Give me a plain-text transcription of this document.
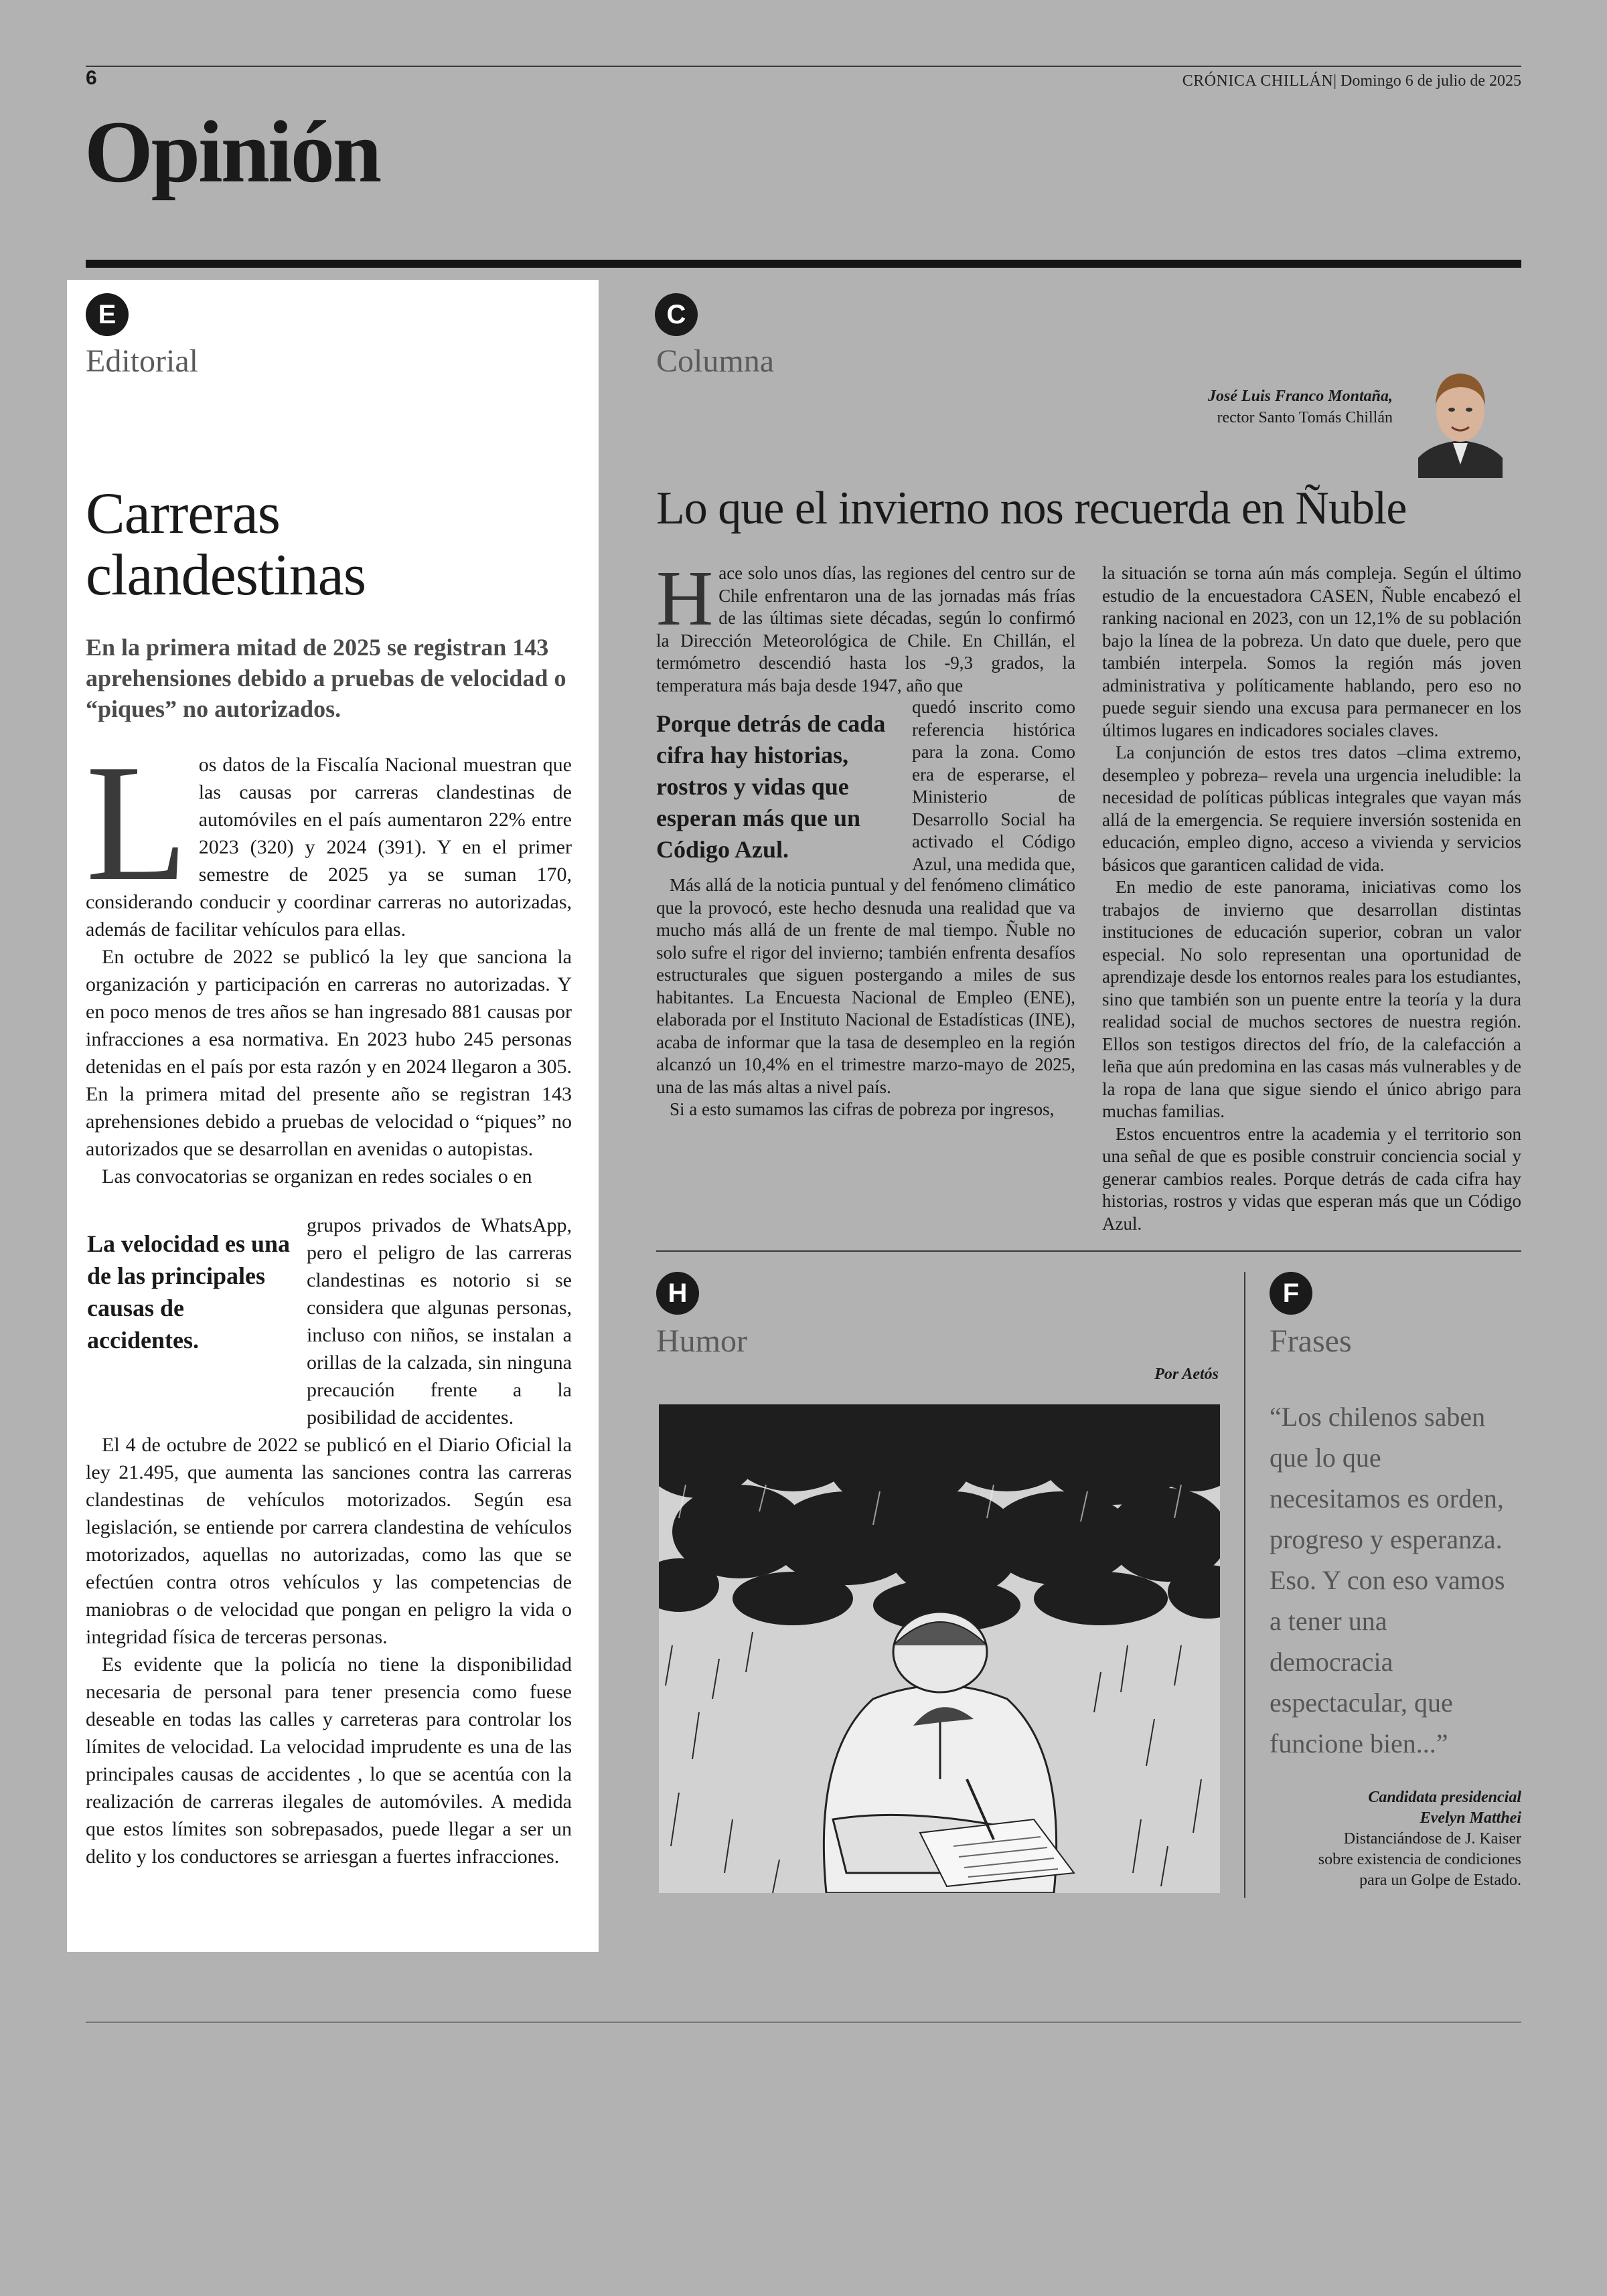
6	CRÓNICA CHILLÁN| Domingo 6 de julio de 2025
Opinión
E
Editorial
Carreras
clandestinas
En la primera mitad de 2025 se registran 143 aprehensiones debido a pruebas de velocidad o “piques” no autorizados.
L os datos de la Fiscalía Nacional muestran que las causas por carreras clandestinas de automóviles en el país aumentaron 22% entre 2023 (320) y 2024 (391). Y en el primer semestre de 2025 ya se suman 170, considerando conducir y coordinar carreras no autorizadas, además de facilitar vehículos para ellas.

En octubre de 2022 se publicó la ley que sanciona la organización y participación en carreras no autorizadas. Y en poco menos de tres años se han ingresado 881 causas por infracciones a esa normativa. En 2023 hubo 245 personas detenidas en el país por esta razón y en 2024 llegaron a 305. En la primera mitad del presente año se registran 143 aprehensiones debido a pruebas de velocidad o “piques” no autorizados que se desarrollan en avenidas o autopistas.

Las convocatorias se organizan en redes sociales o en

La velocidad es una de las principales causas de accidentes.

grupos privados de WhatsApp, pero el peligro de las carreras clandestinas es notorio si se considera que algunas personas, incluso con niños, se instalan a orillas de la calzada, sin ninguna precaución frente a la posibilidad de accidentes.

El 4 de octubre de 2022 se publicó en el Diario Oficial la ley 21.495, que aumenta las sanciones contra las carreras clandestinas de vehículos motorizados. Según esa legislación, se entiende por carrera clandestina de vehículos motorizados, aquellas no autorizadas, como las que se efectúen contra otros vehículos y las competencias de maniobras o de velocidad que pongan en peligro la vida o integridad física de terceras personas.

Es evidente que la policía no tiene la disponibilidad necesaria de personal para tener presencia como fuese deseable en todas las calles y carreteras para controlar los límites de velocidad. La velocidad imprudente es una de las principales causas de accidentes , lo que se acentúa con la realización de carreras ilegales de automóviles. A medida que estos límites son sobrepasados, puede llegar a ser un delito y los conductores se arriesgan a fuertes infracciones.

C
Columna
José Luis Franco Montaña,
rector Santo Tomás Chillán
Lo que el invierno nos recuerda en Ñuble
H ace solo unos días, las regiones del centro sur de Chile enfrentaron una de las jornadas más frías de las últimas siete décadas, según lo confirmó la Dirección Meteorológica de Chile. En Chillán, el termómetro descendió hasta los -9,3 grados, la temperatura más baja desde 1947, año que

Porque detrás de cada cifra hay historias, rostros y vidas que esperan más que un Código Azul.

quedó inscrito como referencia histórica para la zona. Como era de esperarse, el Ministerio de Desarrollo Social ha activado el Código Azul, una medida que,

Más allá de la noticia puntual y del fenómeno climático que la provocó, este hecho desnuda una realidad que va mucho más allá de un frente de mal tiempo. Ñuble no solo sufre el rigor del invierno; también enfrenta desafíos estructurales que siguen postergando a miles de sus habitantes. La Encuesta Nacional de Empleo (ENE), elaborada por el Instituto Nacional de Estadísticas (INE), acaba de informar que la tasa de desempleo en la región alcanzó un 10,4% en el trimestre marzo-mayo de 2025, una de las más altas a nivel país.

Si a esto sumamos las cifras de pobreza por ingresos,

la situación se torna aún más compleja. Según el último estudio de la encuestadora CASEN, Ñuble encabezó el ranking nacional en 2023, con un 12,1% de su población bajo la línea de la pobreza. Un dato que duele, pero que también interpela. Somos la región más joven administrativa y políticamente hablando, pero eso no puede seguir siendo una excusa para permanecer en los últimos lugares en indicadores sociales claves.

La conjunción de estos tres datos –clima extremo, desempleo y pobreza– revela una urgencia ineludible: la necesidad de políticas públicas integrales que vayan más allá de la emergencia. Se requiere inversión sostenida en educación, empleo digno, acceso a vivienda y servicios básicos que garanticen calidad de vida.

En medio de este panorama, iniciativas como los trabajos de invierno que desarrollan distintas instituciones de educación superior, cobran un valor especial. No solo representan una oportunidad de aprendizaje desde los entornos reales para los estudiantes, sino que también son un puente entre la teoría y la dura realidad social de muchos sectores de nuestra región. Ellos son testigos directos del frío, de la calefacción a leña que aún predomina en las casas más vulnerables y de la ropa de lana que sigue siendo el único abrigo para muchas familias.

Estos encuentros entre la academia y el territorio son una señal de que es posible construir conciencia social y generar cambios reales. Porque detrás de cada cifra hay historias, rostros y vidas que esperan más que un Código Azul.

H
Humor
Por Aetós
F
Frases
“Los chilenos saben que lo que necesitamos es orden, progreso y esperanza. Eso. Y con eso vamos a tener una democracia espectacular, que funcione bien...”
Candidata presidencial
Evelyn Matthei
Distanciándose de J. Kaiser
sobre existencia de condiciones
para un Golpe de Estado.
